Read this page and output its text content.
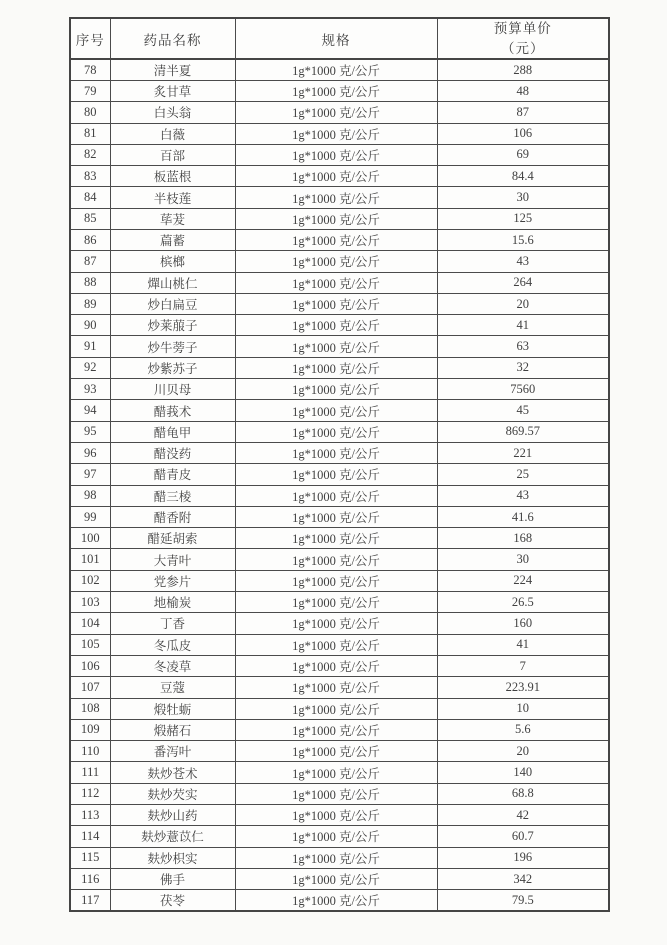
序号	药品名称	规格	预算单价
（元）

78	清半夏	1g*1000 克/公斤	288
79	炙甘草	1g*1000 克/公斤	48
80	白头翁	1g*1000 克/公斤	87
81	白薇	1g*1000 克/公斤	106
82	百部	1g*1000 克/公斤	69
83	板蓝根	1g*1000 克/公斤	84.4
84	半枝莲	1g*1000 克/公斤	30
85	荜茇	1g*1000 克/公斤	125
86	萹蓄	1g*1000 克/公斤	15.6
87	槟榔	1g*1000 克/公斤	43
88	燀山桃仁	1g*1000 克/公斤	264
89	炒白扁豆	1g*1000 克/公斤	20
90	炒莱菔子	1g*1000 克/公斤	41
91	炒牛蒡子	1g*1000 克/公斤	63
92	炒紫苏子	1g*1000 克/公斤	32
93	川贝母	1g*1000 克/公斤	7560
94	醋莪术	1g*1000 克/公斤	45
95	醋龟甲	1g*1000 克/公斤	869.57
96	醋没药	1g*1000 克/公斤	221
97	醋青皮	1g*1000 克/公斤	25
98	醋三棱	1g*1000 克/公斤	43
99	醋香附	1g*1000 克/公斤	41.6
100	醋延胡索	1g*1000 克/公斤	168
101	大青叶	1g*1000 克/公斤	30
102	党参片	1g*1000 克/公斤	224
103	地榆炭	1g*1000 克/公斤	26.5
104	丁香	1g*1000 克/公斤	160
105	冬瓜皮	1g*1000 克/公斤	41
106	冬凌草	1g*1000 克/公斤	7
107	豆蔻	1g*1000 克/公斤	223.91
108	煅牡蛎	1g*1000 克/公斤	10
109	煅赭石	1g*1000 克/公斤	5.6
110	番泻叶	1g*1000 克/公斤	20
111	麸炒苍术	1g*1000 克/公斤	140
112	麸炒芡实	1g*1000 克/公斤	68.8
113	麸炒山药	1g*1000 克/公斤	42
114	麸炒薏苡仁	1g*1000 克/公斤	60.7
115	麸炒枳实	1g*1000 克/公斤	196
116	佛手	1g*1000 克/公斤	342
117	茯苓	1g*1000 克/公斤	79.5
